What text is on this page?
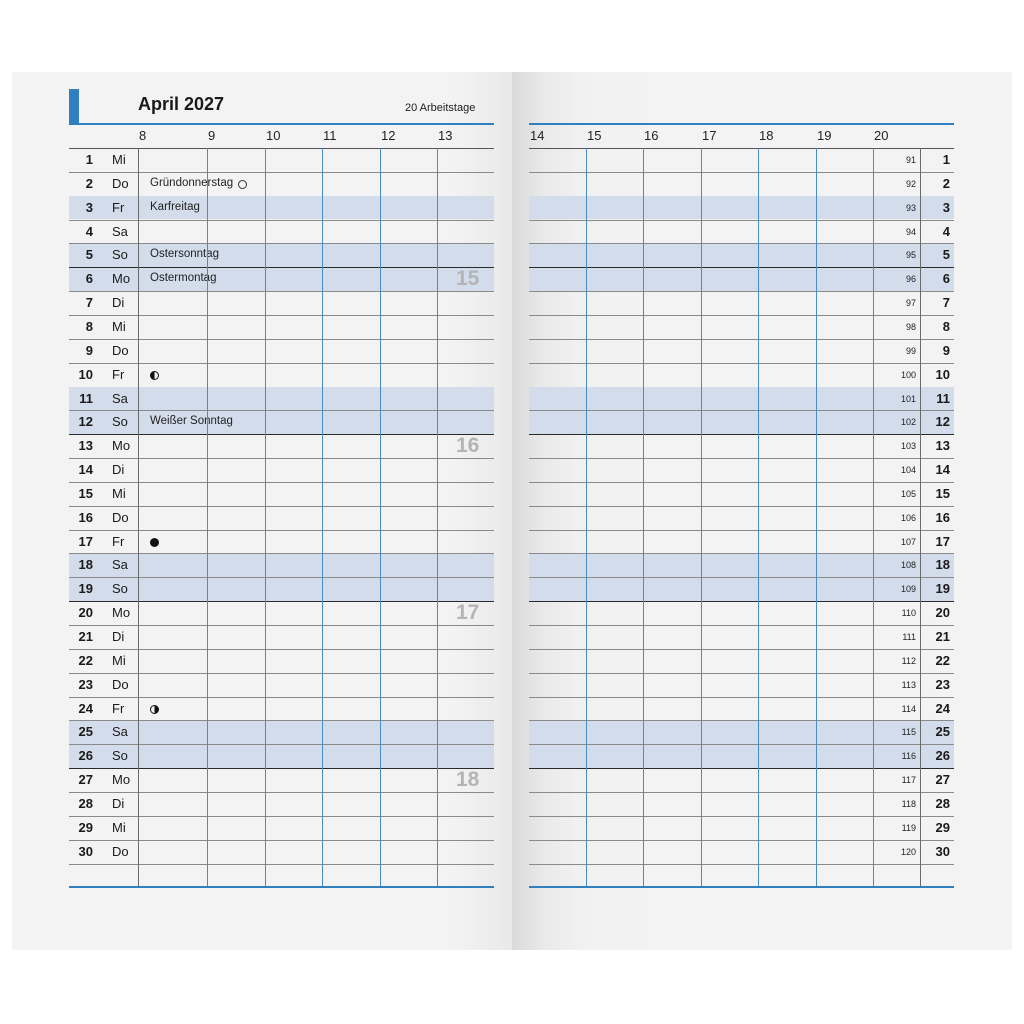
April 2027	20 Arbeitstage
8	9	10	11	12	13	14	15	16	17	18	19	20
1 Mi	91	1
2 Do Gründonnerstag	92	2
3 Fr Karfreitag	93	3
4 Sa	94	4
5 So Ostersonntag	95	5
6 Mo Ostermontag	15	96	6
7 Di	97	7
8 Mi	98	8
9 Do	99	9
10 Fr	100	10
11 Sa	101	11
12 So Weißer Sonntag	102	12
13 Mo	16	103	13
14 Di	104	14
15 Mi	105	15
16 Do	106	16
17 Fr	107	17
18 Sa	108	18
19 So	109	19
20 Mo	17	110	20
21 Di	111	21
22 Mi	112	22
23 Do	113	23
24 Fr	114	24
25 Sa	115	25
26 So	116	26
27 Mo	18	117	27
28 Di	118	28
29 Mi	119	29
30 Do	120	30
